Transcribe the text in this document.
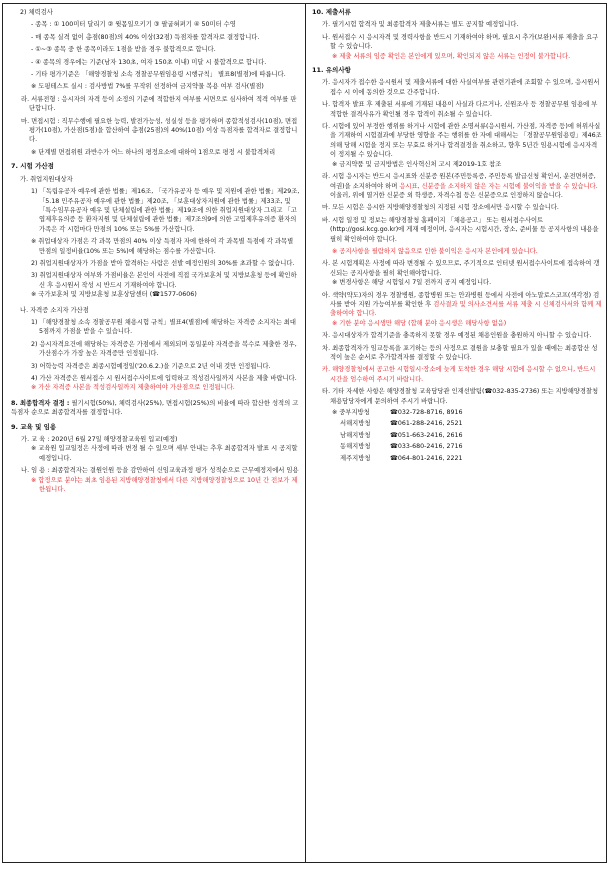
2) 체력검사

- 종목 : ① 100미터 달리기 ② 윗몸일으키기 ③ 팔굽혀펴기 ④ 50미터 수영

- 매 종목 실격 없이 총점(80점)의 40% 이상(32점) 득점자를 합격자로 결정합니다.

- ①~③ 종목 중 한 종목이라도 1점을 받을 경우 불합격으로 합니다.

- ④ 종목의 경우에는 기준(남자 130초, 여자 150초 이내) 미달 시 불합격으로 합니다.

- 기타 평가기준은 「해양경찰청 소속 경찰공무원임용령 시행규칙」 별표8(별점)에 따릅니다.

※ 도핑테스트 실시 : 검사방법 7%를 무작위 선정하여 금지약물 복용 여부 검사(별점)

라. 서류전형 : 응시자의 자격 등이 소정의 기준에 적합한지 여부를 서면으로 심사하여 적격 여부를 판단합니다.

마. 면접시험 : 직무수행에 필요한 능력, 발전가능성, 성실성 등을 평가하며 종합적성검사(10점), 면접평가(10점), 가산점(5점)을 합산하여 총점(25점)의 40%(10점) 이상 득점자를 합격자로 결정합니다.

※ 단계별 면접위원 과반수가 어느 하나의 평정요소에 대하여 1점으로 평정 시 불합격처리

7. 시험 가산점

가. 취업지원대상자

1) 「독립유공자 예우에 관한 법률」제16조, 「국가유공자 등 예우 및 지원에 관한 법률」제29조, 「5.18 민주유공자 예우에 관한 법률」제20조, 「보훈대상자지원에 관한 법률」제33조, 및 「특수임무유공자 예우 및 단체설립에 관한 법률」제19조에 의한 취업지원대상자 그리고 「고엽제후유의증 등 환자지원 및 단체설립에 관한 법률」제7조의9에 의한 고엽제후유의증 환자의 가족은 각 시험마다 만점의 10% 또는 5%를 가산합니다.

※ 취업대상자 가점은 각 과목 만점의 40% 이상 득점자 자에 한하여 각 과목별 득점에 각 과목별 만점의 일정비율(10% 또는 5%)에 해당하는 점수를 가산합니다.

2) 취업지원대상자가 가점을 받아 합격하는 사람은 선발 예정인원의 30%를 초과할 수 없습니다.

3) 취업지원대상자 여부와 가점비율은 본인이 사전에 직접 국가보훈처 및 지방보훈청 등에 확인하신 후 응시원서 작성 시 반드시 기재하여야 합니다.

※ 국가보훈처 및 지방보훈청 보훈상담센터 (☎1577-0606)

나. 자격증 소지자 가산점

1) 「해양경찰청 소속 경찰공무원 채용시험 규칙」별표4(별점)에 해당하는 자격증 소지자는 최대 5점까지 가점을 받을 수 있습니다.

2) 응시자격요건에 해당하는 자격증은 가점에서 제외되며 동일분야 자격증을 복수로 제출한 경우, 가산점수가 가장 높은 자격증만 인정됩니다.

3) 어학능력 자격증은 최종시험예정일('20.6.2.)을 기준으로 2년 이내 것만 인정됩니다.

4) 가산 자격증은 원서접수 시 원서접수사이트에 입력하고 적성검사일까지 사본을 제출 바랍니다.

※ 가산 자격증 사본을 적성검사일까지 제출하여야 가산점으로 인정됩니다.

8. 최종합격자 결정 : 필기시험(50%), 체력검사(25%), 면접시험(25%)의 비율에 따라 합산한 성적의 고득점자 순으로 최종합격자를 결정합니다.

9. 교육 및 임용

가. 교 육 : 2020년 6월 27일 해양경찰교육원 입교(예정)

※ 교육원 입교일정은 사정에 따라 변경 될 수 있으며 세부 안내는 추후 최종합격자 발표 시 공지할 예정입니다.

나. 임 용 : 최종합격자는 결원인원 등을 감안하여 신임교육과정 평가 성적순으로 근무예정지에서 임용

※ 합정으로 분야는 최초 임용된 지방해양경찰청에서 다른 지방해양경찰청으로 10년 간 전보가 제한됩니다.

10. 제출서류

가. 필기시험 합격자 및 최종합격자 제출서류는 별도 공지할 예정입니다.

나. 원서접수 시 응시자격 및 경력사항을 반드시 기재하여야 하며, 필요시 추가(보완)서류 제출을 요구할 수 있습니다.

※ 제출 서류의 임증 확인은 본인에게 있으며, 확인되지 않은 서류는 인정이 불가합니다.

11. 유의사항

가. 응시자가 접수한 응시원서 및 제출서류에 대한 사실여부를 관련기관에 조회할 수 있으며, 응시원서 접수 시 이에 동의한 것으로 간주합니다.

나. 합격자 발표 후 제출된 서류에 기재된 내용이 사실과 다르거나, 신원조사 등 경찰공무원 임용에 부적합한 결격사유가 확인될 경우 합격이 취소될 수 있습니다.

다. 시험에 있어 부정한 행위를 하거나 시험에 관한 소명서류(응시원서, 가산점, 자격증 등)에 허위사실을 기재하여 시험결과에 부당한 영향을 주는 행위를 한 자에 대해서는 「경찰공무원임용령」제46조 의해 당해 시험을 정지 또는 무효로 하거나 합격결정을 취소하고, 향후 5년간 임용시험에 응시자격이 정지될 수 있습니다.

※ 금지약품 및 금지방법은 인사혁신처 고시 제2019-1호 참조

라. 시험 응시자는 반드시 응시표와 신분증 원본(주민등록증, 주민등록 발급신청 확인서, 운전면허증, 여권)을 소지하여야 하며 응시표, 신분증을 소지하지 않은 자는 시험에 불이익을 받을 수 있습니다. 이울러, 위에 열거한 신분증 외 학생증, 자격수첩 등은 신분증으로 인정하지 않습니다.

마. 모든 시험은 응시한 지방해양경찰청의 지정된 시험 장소에서만 응시할 수 있습니다.

바. 시험 일정 및 정보는 해양경찰청 홈페이지 「채용공고」 또는 원서접수사이트(http://gosi.kcg.go.kr)에 게재 예정이며, 응시자는 시험시간, 장소, 준비물 등 공지사항의 내용을 필히 확인하여야 합니다.

※ 공지사항을 필람하지 않음으로 인한 불이익은 응시자 본인에게 있습니다.

사. 본 시험계획은 사정에 따라 변경될 수 있으므로, 주기적으로 인터넷 원서접수사이트에 접속하여 갱신되는 공지사항을 필히 확인해야합니다.

※ 변경사항은 해당 시험일시 7일 전까지 공지 예정입니다.

아. 색약(약도)자의 경우 경찰병원, 종합병원 또는 안과병원 등에서 사전에 아노말로스코프(색각경) 검사를 받아 지원 가능여부를 확인한 후 검사결과 및 의사소견서를 서류 제출 시 신체검사서와 함께 제출하여야 합니다.

※ 기한 분야 응시생만 해당 (합해 분야 응시생은 해당사항 없음)

자. 응시대상자가 합격기준을 충족하지 못할 경우 예정된 채용인원을 충원하지 아니할 수 있습니다.

차. 최종합격자가 임교등록을 포기하는 등의 사정으로 결원을 보충할 필요가 있을 때에는 최종합산 성적이 높은 순서로 추가합격자를 결정할 수 있습니다.

카. 해양경찰청에서 공고한 시험일시·장소에 늦게 도착한 경우 해당 시험에 응시할 수 없으니, 반드시 시간을 엄수하여 주시기 바랍니다.

타. 기타 자세한 사항은 해양경찰청 교육담당관 인재선발팀(☎032-835-2736) 또는 지방해양경찰청 채용담당자에게 문의하여 주시기 바랍니다.

※ 중부지방청	☎032-728-8716, 8916
서해지방청	☎061-288-2416, 2521
남해지방청	☎051-663-2416, 2616
동해지방청	☎033-680-2416, 2716
제주지방청	☎064-801-2416, 2221
